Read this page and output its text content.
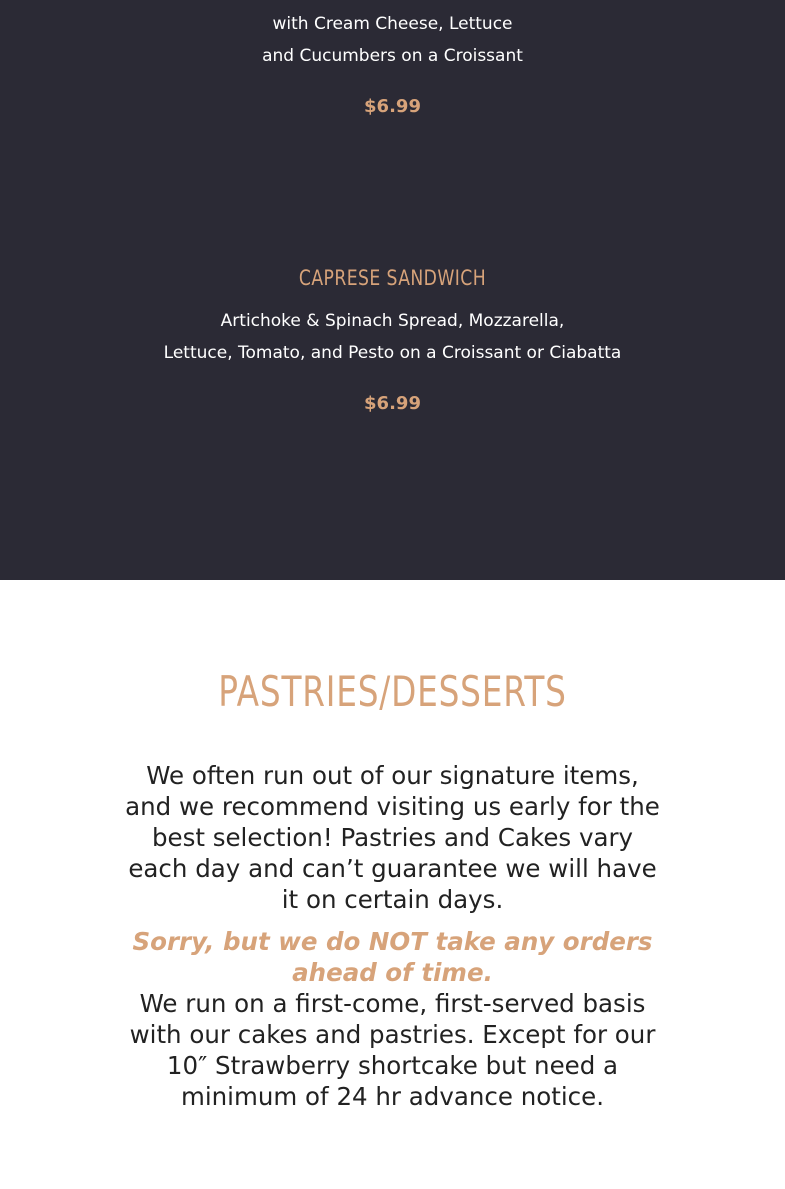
with Cream Cheese, Lettuce
and Cucumbers on a Croissant
$6.99
CAPRESE SANDWICH
Artichoke & Spinach Spread, Mozzarella,
Lettuce, Tomato, and Pesto on a Croissant or Ciabatta
$6.99
PASTRIES/DESSERTS
We often run out of our signature items, and we recommend visiting us early for the best selection! Pastries and Cakes vary each day and can’t guarantee we will have it on certain days.
Sorry, but we do NOT take any orders ahead of time.
We run on a first-come, first-served basis with our cakes and pastries. Except for our 10″ Strawberry shortcake but need a minimum of 24 hr advance notice.
